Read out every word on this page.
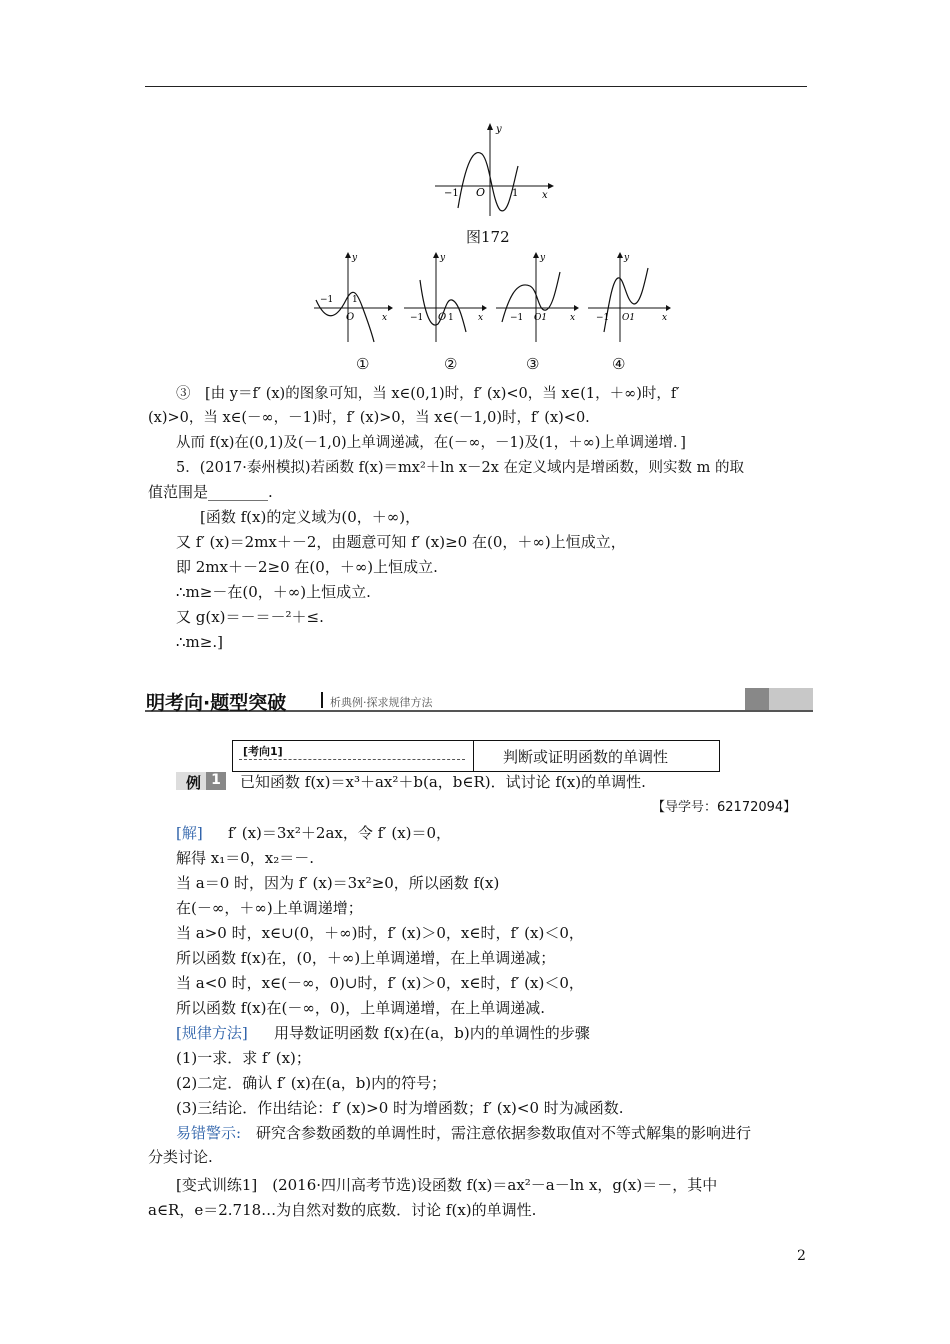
y
x
O
−1	1
图172
y
x
−1 1
O
y
x
−1	1
O
y
x
−1 O1
y
x
−1 O1
①	②	③	④
③　[由 y＝f′ (x)的图象可知，当 x∈(0,1)时，f′ (x)<0，当 x∈(1，＋∞)时，f′
(x)>0，当 x∈(－∞，－1)时，f′ (x)>0，当 x∈(－1,0)时，f′ (x)<0.
从而 f(x)在(0,1)及(－1,0)上单调递减，在(－∞，－1)及(1，＋∞)上单调递增．]
5．(2017·泰州模拟)若函数 f(x)＝mx²＋ln x－2x 在定义域内是增函数，则实数 m 的取
值范围是________.
[函数 f(x)的定义域为(0，＋∞)，
又 f′ (x)＝2mx＋－2，由题意可知 f′ (x)≥0 在(0，＋∞)上恒成立，
即 2mx＋－2≥0 在(0，＋∞)上恒成立.
∴m≥－在(0，＋∞)上恒成立.
又 g(x)＝－＝－²＋≤.
∴m≥.]
明考向·题型突破	析典例·探求规律方法
[考向1]	判断或证明函数的单调性
例 1	已知函数 f(x)＝x³＋ax²＋b(a，b∈R)．试讨论 f(x)的单调性.
【导学号：62172094】
[解]	f′ (x)＝3x²＋2ax，令 f′ (x)＝0，
解得 x₁＝0，x₂＝－.
当 a＝0 时，因为 f′ (x)＝3x²≥0，所以函数 f(x)
在(－∞，＋∞)上单调递增；
当 a>0 时，x∈∪(0，＋∞)时，f′ (x)＞0，x∈时，f′ (x)＜0，
所以函数 f(x)在，(0，＋∞)上单调递增，在上单调递减；
当 a<0 时，x∈(－∞，0)∪时，f′ (x)＞0，x∈时，f′ (x)＜0，
所以函数 f(x)在(－∞，0)，上单调递增，在上单调递减.
[规律方法]	用导数证明函数 f(x)在(a，b)内的单调性的步骤
(1)一求．求 f′ (x)；
(2)二定．确认 f′ (x)在(a，b)内的符号；
(3)三结论．作出结论：f′ (x)>0 时为增函数；f′ (x)<0 时为减函数.
易错警示: 研究含参数函数的单调性时，需注意依据参数取值对不等式解集的影响进行
分类讨论.
[变式训练1]　(2016·四川高考节选)设函数 f(x)＝ax²－a－ln x，g(x)＝－，其中
a∈R，e＝2.718…为自然对数的底数．讨论 f(x)的单调性.
2
